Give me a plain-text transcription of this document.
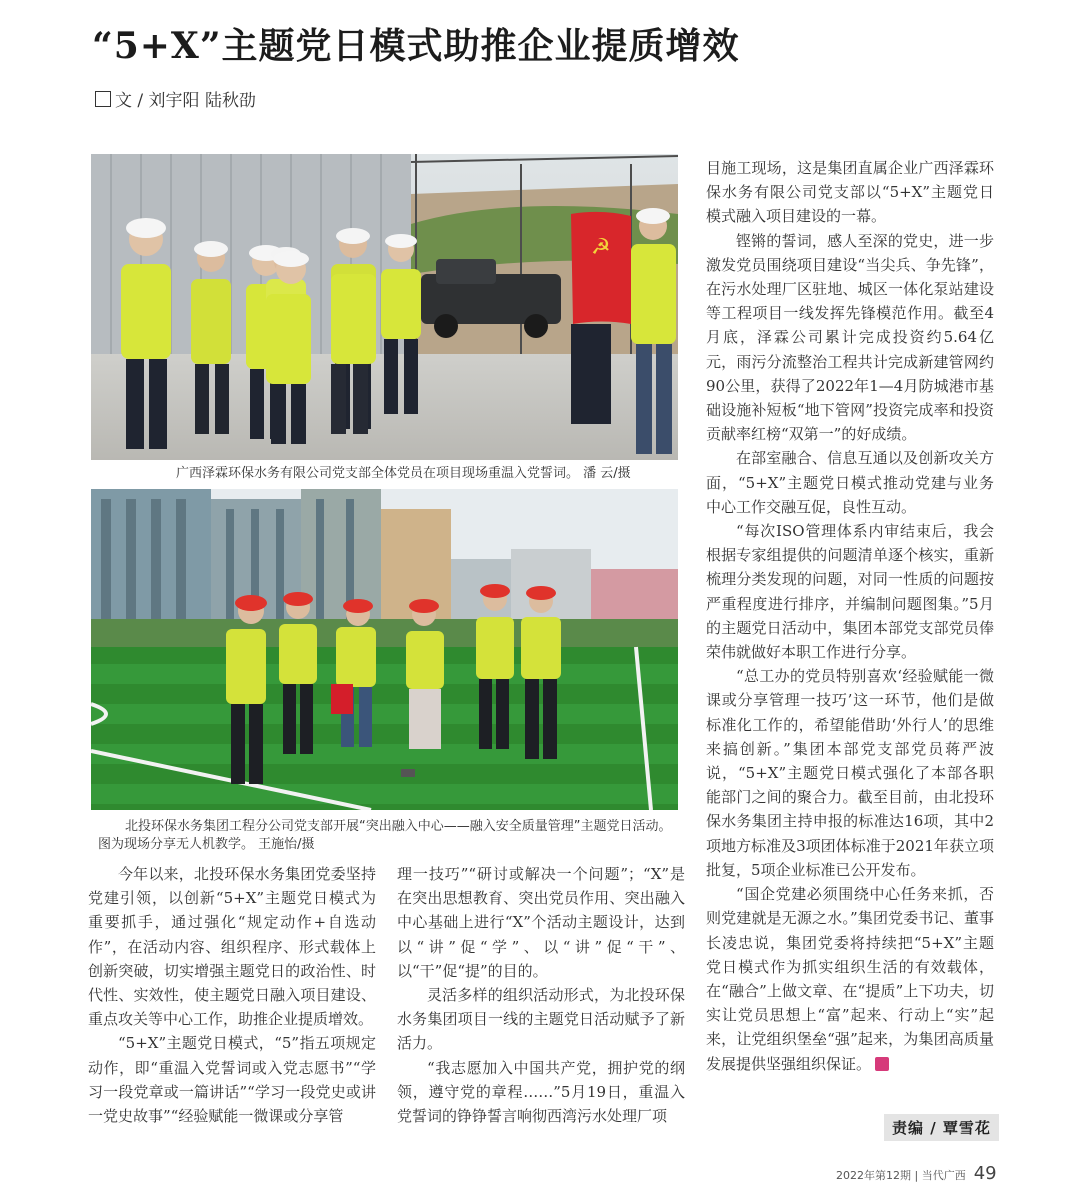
“5+X”主题党日模式助推企业提质增效
文 / 刘宇阳 陆秋劭
☭
广西泽霖环保水务有限公司党支部全体党员在项目现场重温入党誓词。 潘 云/摄
北投环保水务集团工程分公司党支部开展“突出融入中心——融入安全质量管理”主题党日活动。图为现场分享无人机教学。 王施怡/摄

今年以来，北投环保水务集团党委坚持党建引领，以创新“5+X”主题党日模式为重要抓手，通过强化“规定动作+自选动作”，在活动内容、组织程序、形式载体上创新突破，切实增强主题党日的政治性、时代性、实效性，使主题党日融入项目建设、重点攻关等中心工作，助推企业提质增效。

“5+X”主题党日模式，“5”指五项规定动作，即“重温入党誓词或入党志愿书”“学习一段党章或一篇讲话”“学习一段党史或讲一党史故事”“经验赋能一微课或分享管

理一技巧”“研讨或解决一个问题”；“X”是在突出思想教育、突出党员作用、突出融入中心基础上进行“X”个活动主题设计，达到以“讲”促“学”、以“讲”促“干”、以“干”促“提”的目的。

灵活多样的组织活动形式，为北投环保水务集团项目一线的主题党日活动赋予了新活力。

“我志愿加入中国共产党，拥护党的纲领，遵守党的章程……”5月19日，重温入党誓词的铮铮誓言响彻西湾污水处理厂项

目施工现场，这是集团直属企业广西泽霖环保水务有限公司党支部以“5+X”主题党日模式融入项目建设的一幕。

铿锵的誓词，感人至深的党史，进一步激发党员围绕项目建设“当尖兵、争先锋”，在污水处理厂区驻地、城区一体化泵站建设等工程项目一线发挥先锋模范作用。截至4月底，泽霖公司累计完成投资约5.64亿元，雨污分流整治工程共计完成新建管网约90公里，获得了2022年1—4月防城港市基础设施补短板“地下管网”投资完成率和投资贡献率红榜“双第一”的好成绩。

在部室融合、信息互通以及创新攻关方面，“5+X”主题党日模式推动党建与业务中心工作交融互促，良性互动。

“每次ISO管理体系内审结束后，我会根据专家组提供的问题清单逐个核实，重新梳理分类发现的问题，对同一性质的问题按严重程度进行排序，并编制问题图集。”5月的主题党日活动中，集团本部党支部党员俸荣伟就做好本职工作进行分享。

“总工办的党员特别喜欢‘经验赋能一微课或分享管理一技巧’这一环节，他们是做标准化工作的，希望能借助‘外行人’的思维来搞创新。”集团本部党支部党员蒋严波说，“5+X”主题党日模式强化了本部各职能部门之间的聚合力。截至目前，由北投环保水务集团主持申报的标准达16项，其中2项地方标准及3项团体标准于2021年获立项批复，5项企业标准已公开发布。

“国企党建必须围绕中心任务来抓，否则党建就是无源之水。”集团党委书记、董事长凌忠说，集团党委将持续把“5+X”主题党日模式作为抓实组织生活的有效载体，在“融合”上做文章、在“提质”上下功夫，切实让党员思想上“富”起来、行动上“实”起来，让党组织堡垒“强”起来，为集团高质量发展提供坚强组织保证。

责编 / 覃雪花
2022年第12期 | 当代广西 49
